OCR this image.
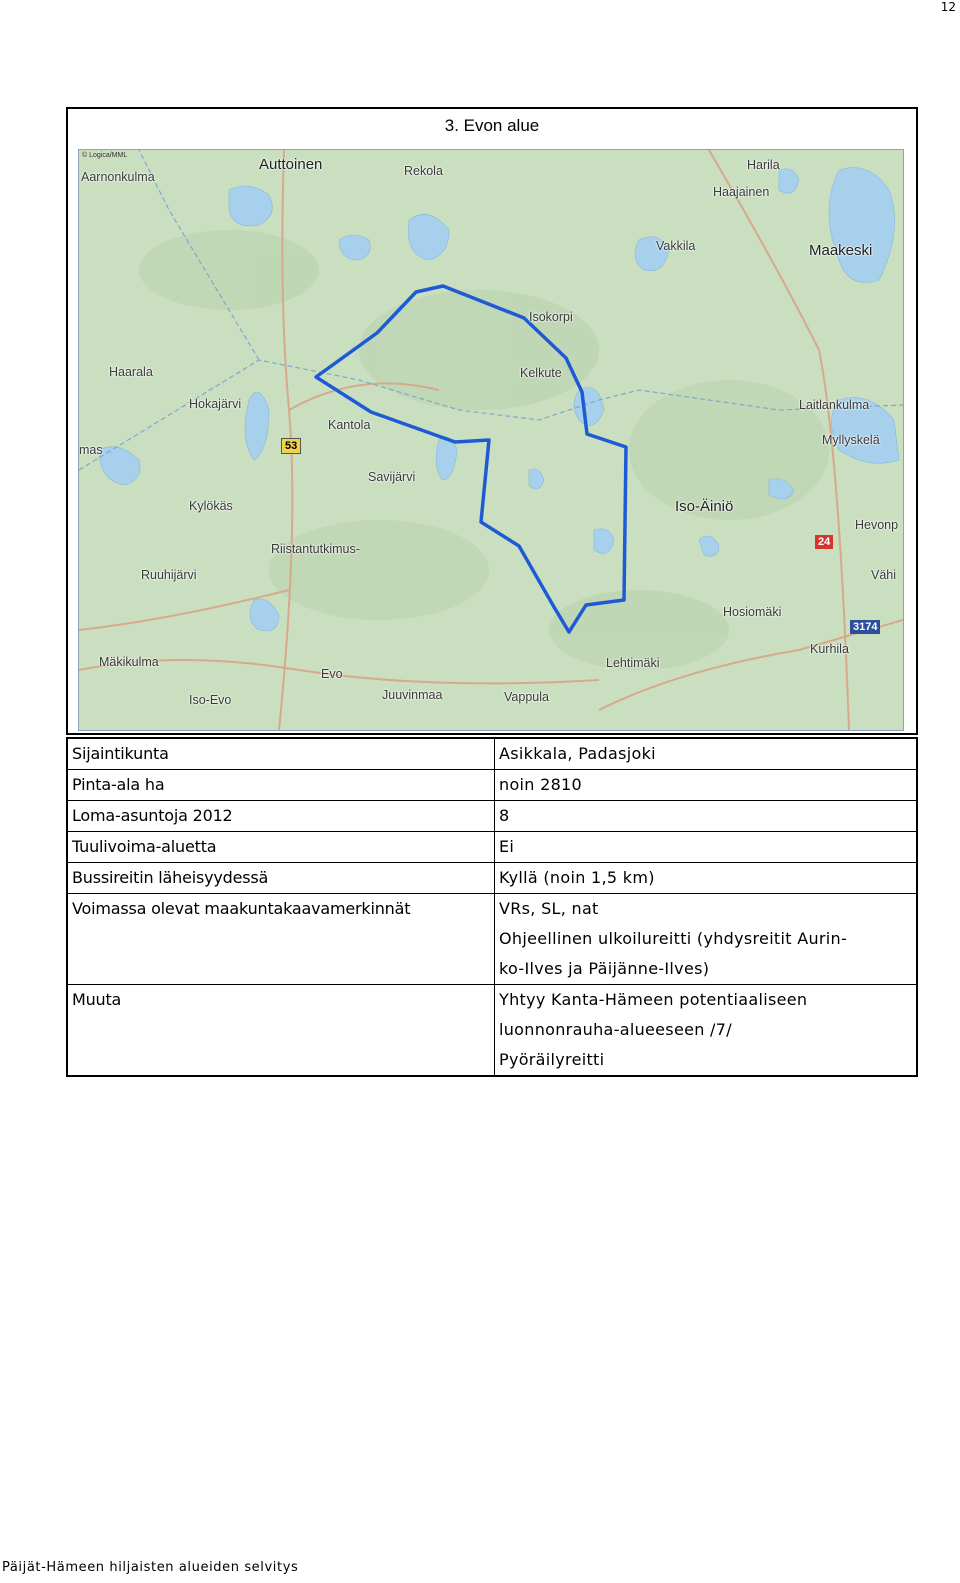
12
3. Evon alue
© Logica/MML
Auttoinen	Rekola
Aarnonkulma
Harila
Haajainen
Vakkila	Maakeski
Isokorpi
Haarala
Hokajärvi
Kelkute
Laitlankulma
Kantola
Myllyskelä
mas
Savijärvi
Iso-Äiniö
Kylökäs
Hevonp
Riistantutkimus-
Vähi
Ruuhijärvi
Hosiomäki
Kurhila
Mäkikulma	Lehtimäki
Evo
Juuvinmaa	Vappula
Iso-Evo
53
24
3174
Sijaintikunta	Asikkala, Padasjoki

Pinta-ala ha	noin 2810

Loma-asuntoja 2012	8

Tuulivoima-aluetta	Ei

Bussireitin läheisyydessä	Kyllä (noin 1,5 km)

Voimassa olevat maakuntakaavamerkinnät	VRs, SL, nat
Ohjeellinen ulkoilureitti (yhdysreitit Aurin-
ko-Ilves ja Päijänne-Ilves)

Muuta	Yhtyy Kanta-Hämeen potentiaaliseen
luonnonrauha-alueeseen /7/
Pyöräilyreitti
Päijät-Hämeen hiljaisten alueiden selvitys
